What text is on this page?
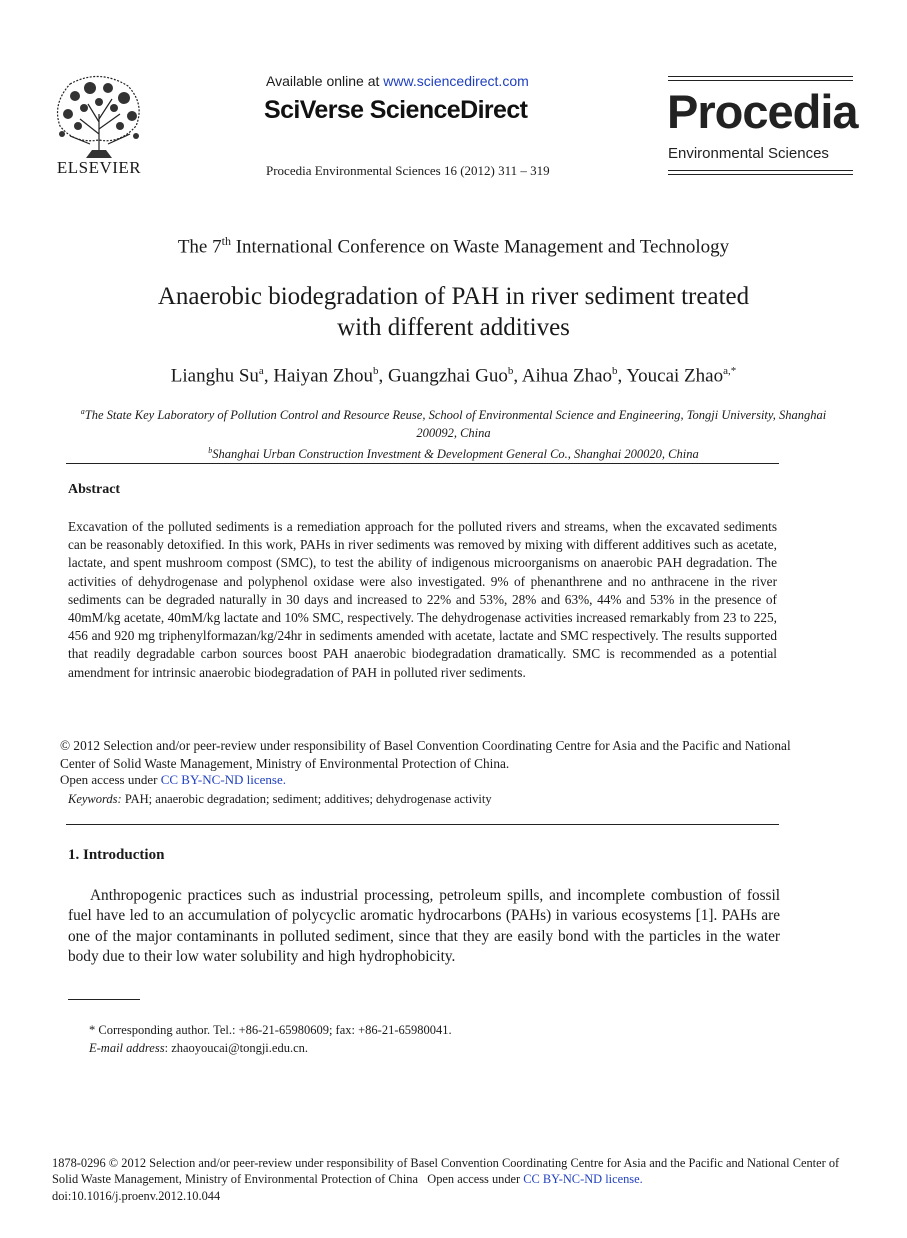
ELSEVIER
Available online at www.sciencedirect.com
SciVerse ScienceDirect
Procedia Environmental Sciences 16 (2012) 311 – 319
Procedia
Environmental Sciences
The 7th International Conference on Waste Management and Technology
Anaerobic biodegradation of PAH in river sediment treated
with different additives
Lianghu Su$^a$, Haiyan Zhou$^b$, Guangzhai Guo$^b$, Aihua Zhao$^b$, Youcai Zhao$^{a,*}$
$^a$The State Key Laboratory of Pollution Control and Resource Reuse, School of Environmental Science and Engineering, Tongji University, Shanghai 200092, China
$^b$Shanghai Urban Construction Investment & Development General Co., Shanghai 200020, China
Abstract
Excavation of the polluted sediments is a remediation approach for the polluted rivers and streams, when the excavated sediments can be reasonably detoxified. In this work, PAHs in river sediments was removed by mixing with different additives such as acetate, lactate, and spent mushroom compost (SMC), to test the ability of indigenous microorganisms on anaerobic PAH degradation. The activities of dehydrogenase and polyphenol oxidase were also investigated. 9% of phenanthrene and no anthracene in the river sediments can be degraded naturally in 30 days and increased to 22% and 53%, 28% and 63%, 44% and 53% in the presence of 40mM/kg acetate, 40mM/kg lactate and 10% SMC, respectively. The dehydrogenase activities increased remarkably from 23 to 225, 456 and 920 mg triphenylformazan/kg/24hr in sediments amended with acetate, lactate and SMC respectively. The results supported that readily degradable carbon sources boost PAH anaerobic biodegradation dramatically. SMC is recommended as a potential amendment for intrinsic anaerobic biodegradation of PAH in polluted river sediments.
© 2012 Selection and/or peer-review under responsibility of Basel Convention Coordinating Centre for Asia and the Pacific and National Center of Solid Waste Management, Ministry of Environmental Protection of China.
Open access under CC BY-NC-ND license.
Keywords: PAH; anaerobic degradation; sediment; additives; dehydrogenase activity
1. Introduction
Anthropogenic practices such as industrial processing, petroleum spills, and incomplete combustion of fossil fuel have led to an accumulation of polycyclic aromatic hydrocarbons (PAHs) in various ecosystems [1]. PAHs are one of the major contaminants in polluted sediment, since that they are easily bond with the particles in the water body due to their low water solubility and high hydrophobicity.
* Corresponding author. Tel.: +86-21-65980609; fax: +86-21-65980041.
E-mail address: zhaoyoucai@tongji.edu.cn.
1878-0296 © 2012 Selection and/or peer-review under responsibility of Basel Convention Coordinating Centre for Asia and the Pacific and National Center of Solid Waste Management, Ministry of Environmental Protection of China Open access under CC BY-NC-ND license.
doi:10.1016/j.proenv.2012.10.044
